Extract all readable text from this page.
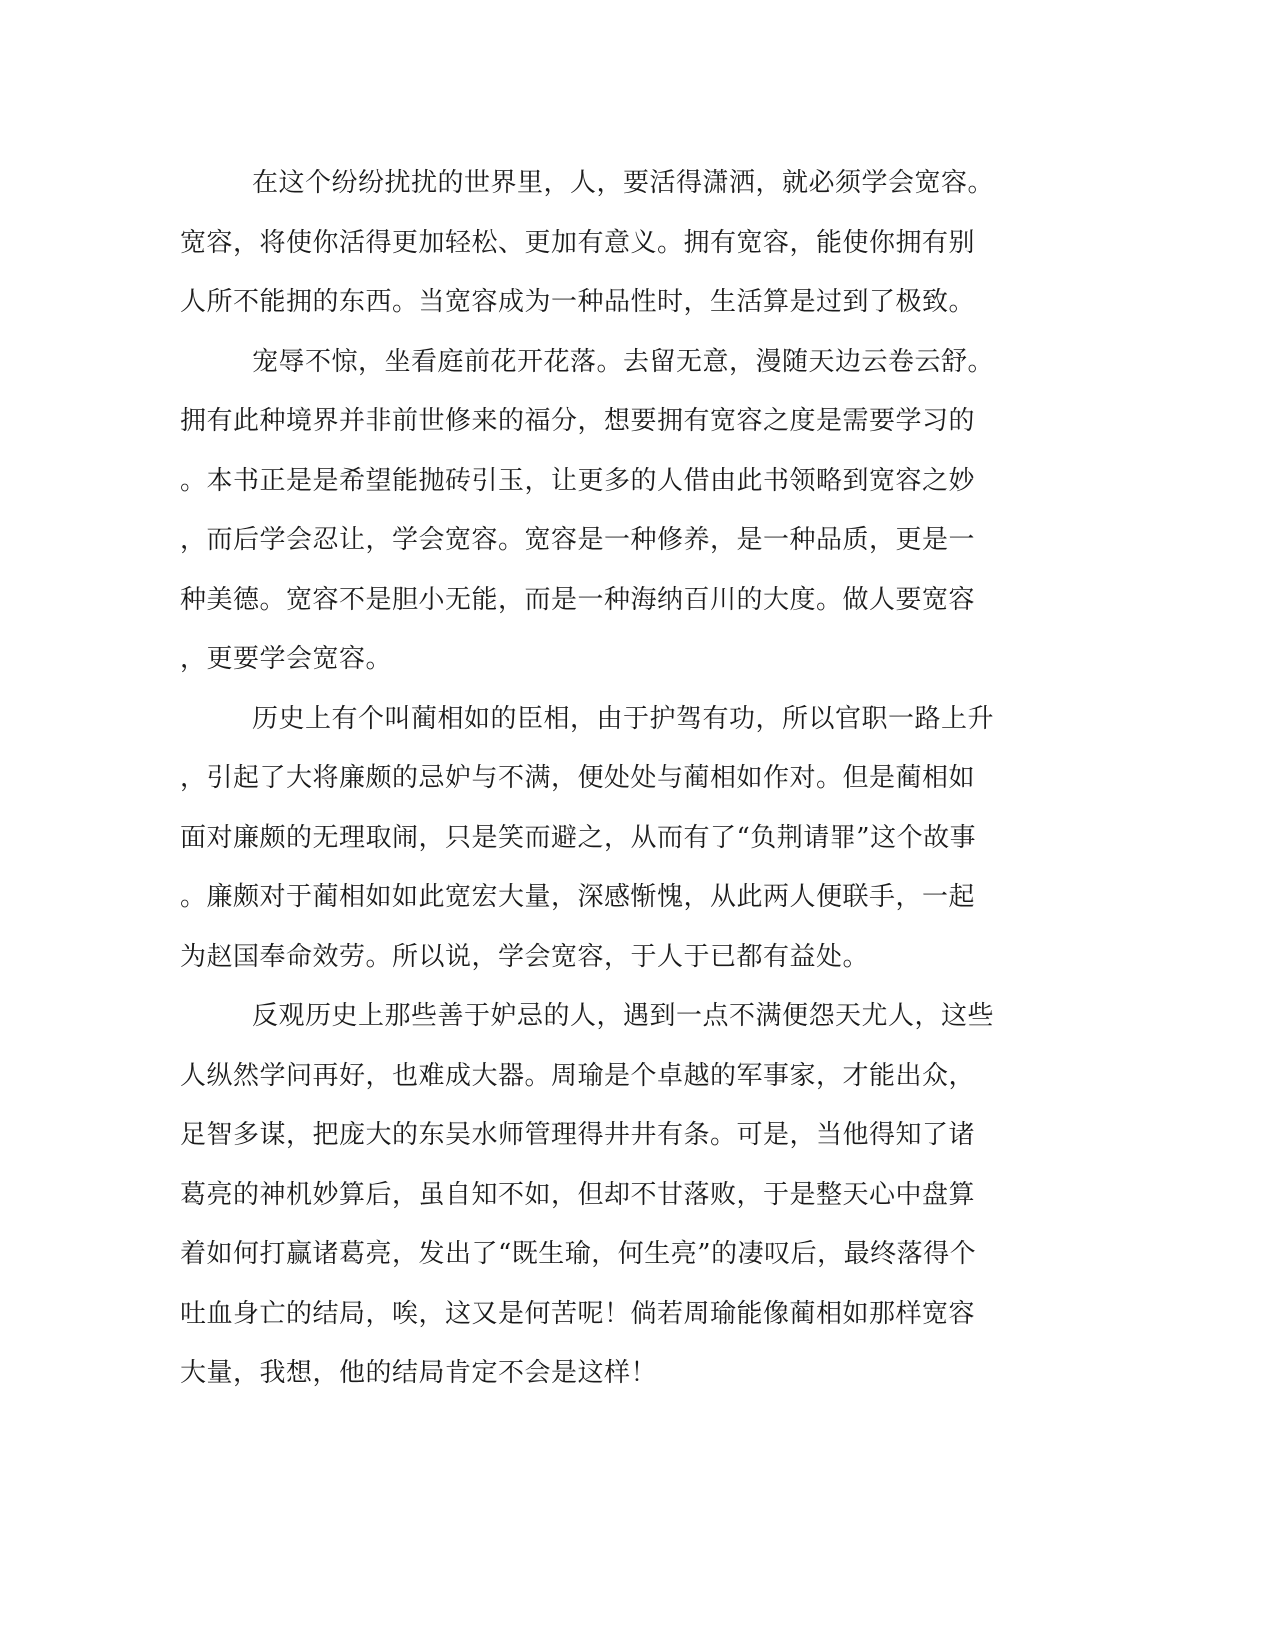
在这个纷纷扰扰的世界里，人，要活得潇洒，就必须学会宽容。
宽容，将使你活得更加轻松、更加有意义。拥有宽容，能使你拥有别
人所不能拥的东西。当宽容成为一种品性时，生活算是过到了极致。
宠辱不惊，坐看庭前花开花落。去留无意，漫随天边云卷云舒。
拥有此种境界并非前世修来的福分，想要拥有宽容之度是需要学习的
。本书正是是希望能抛砖引玉，让更多的人借由此书领略到宽容之妙
，而后学会忍让，学会宽容。宽容是一种修养，是一种品质，更是一
种美德。宽容不是胆小无能，而是一种海纳百川的大度。做人要宽容
，更要学会宽容。
历史上有个叫蔺相如的臣相，由于护驾有功，所以官职一路上升
，引起了大将廉颇的忌妒与不满，便处处与蔺相如作对。但是蔺相如
面对廉颇的无理取闹，只是笑而避之，从而有了“负荆请罪”这个故事
。廉颇对于蔺相如如此宽宏大量，深感惭愧，从此两人便联手，一起
为赵国奉命效劳。所以说，学会宽容，于人于已都有益处。
反观历史上那些善于妒忌的人，遇到一点不满便怨天尤人，这些
人纵然学问再好，也难成大器。周瑜是个卓越的军事家，才能出众，
足智多谋，把庞大的东吴水师管理得井井有条。可是，当他得知了诸
葛亮的神机妙算后，虽自知不如，但却不甘落败，于是整天心中盘算
着如何打赢诸葛亮，发出了“既生瑜，何生亮”的凄叹后，最终落得个
吐血身亡的结局，唉，这又是何苦呢！倘若周瑜能像蔺相如那样宽容
大量，我想，他的结局肯定不会是这样！
